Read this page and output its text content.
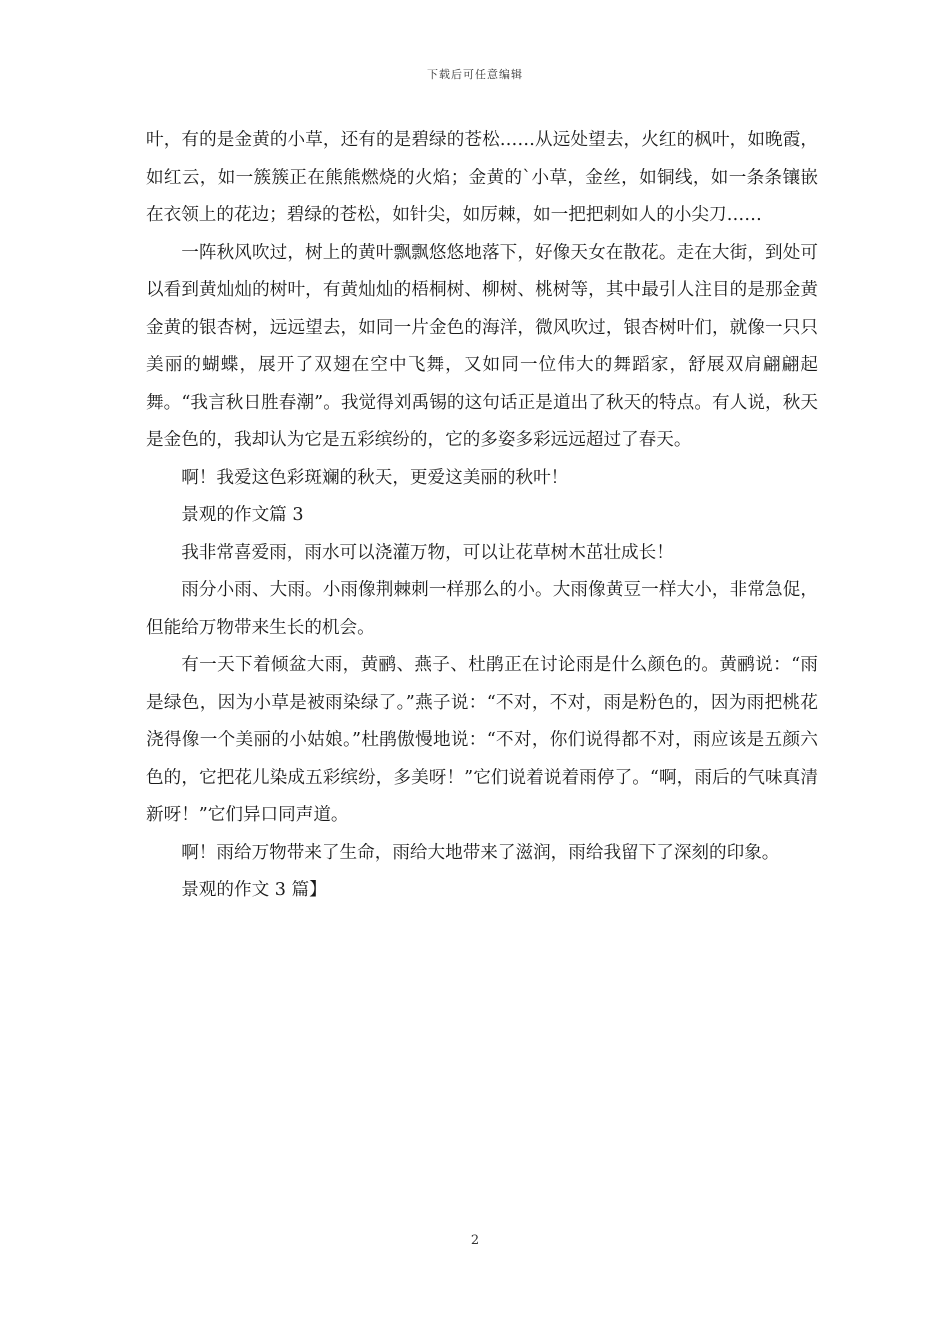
下载后可任意编辑

叶，有的是金黄的小草，还有的是碧绿的苍松……从远处望去，火红的枫叶，如晚霞，如红云，如一簇簇正在熊熊燃烧的火焰；金黄的`小草，金丝，如铜线，如一条条镶嵌在衣领上的花边；碧绿的苍松，如针尖，如厉棘，如一把把刺如人的小尖刀……

一阵秋风吹过，树上的黄叶飘飘悠悠地落下，好像天女在散花。走在大街，到处可以看到黄灿灿的树叶，有黄灿灿的梧桐树、柳树、桃树等，其中最引人注目的是那金黄金黄的银杏树，远远望去，如同一片金色的海洋，微风吹过，银杏树叶们，就像一只只美丽的蝴蝶，展开了双翅在空中飞舞，又如同一位伟大的舞蹈家，舒展双肩翩翩起舞。“我言秋日胜春潮”。我觉得刘禹锡的这句话正是道出了秋天的特点。有人说，秋天是金色的，我却认为它是五彩缤纷的，它的多姿多彩远远超过了春天。

啊！我爱这色彩斑斓的秋天，更爱这美丽的秋叶！

景观的作文篇 3

我非常喜爱雨，雨水可以浇灌万物，可以让花草树木茁壮成长！

雨分小雨、大雨。小雨像荆棘刺一样那么的小。大雨像黄豆一样大小，非常急促，但能给万物带来生长的机会。

有一天下着倾盆大雨，黄鹂、燕子、杜鹃正在讨论雨是什么颜色的。黄鹂说：“雨是绿色，因为小草是被雨染绿了。”燕子说：“不对，不对，雨是粉色的，因为雨把桃花浇得像一个美丽的小姑娘。”杜鹃傲慢地说：“不对，你们说得都不对，雨应该是五颜六色的，它把花儿染成五彩缤纷，多美呀！”它们说着说着雨停了。“啊，雨后的气味真清新呀！”它们异口同声道。

啊！雨给万物带来了生命，雨给大地带来了滋润，雨给我留下了深刻的印象。

景观的作文 3 篇】

2
